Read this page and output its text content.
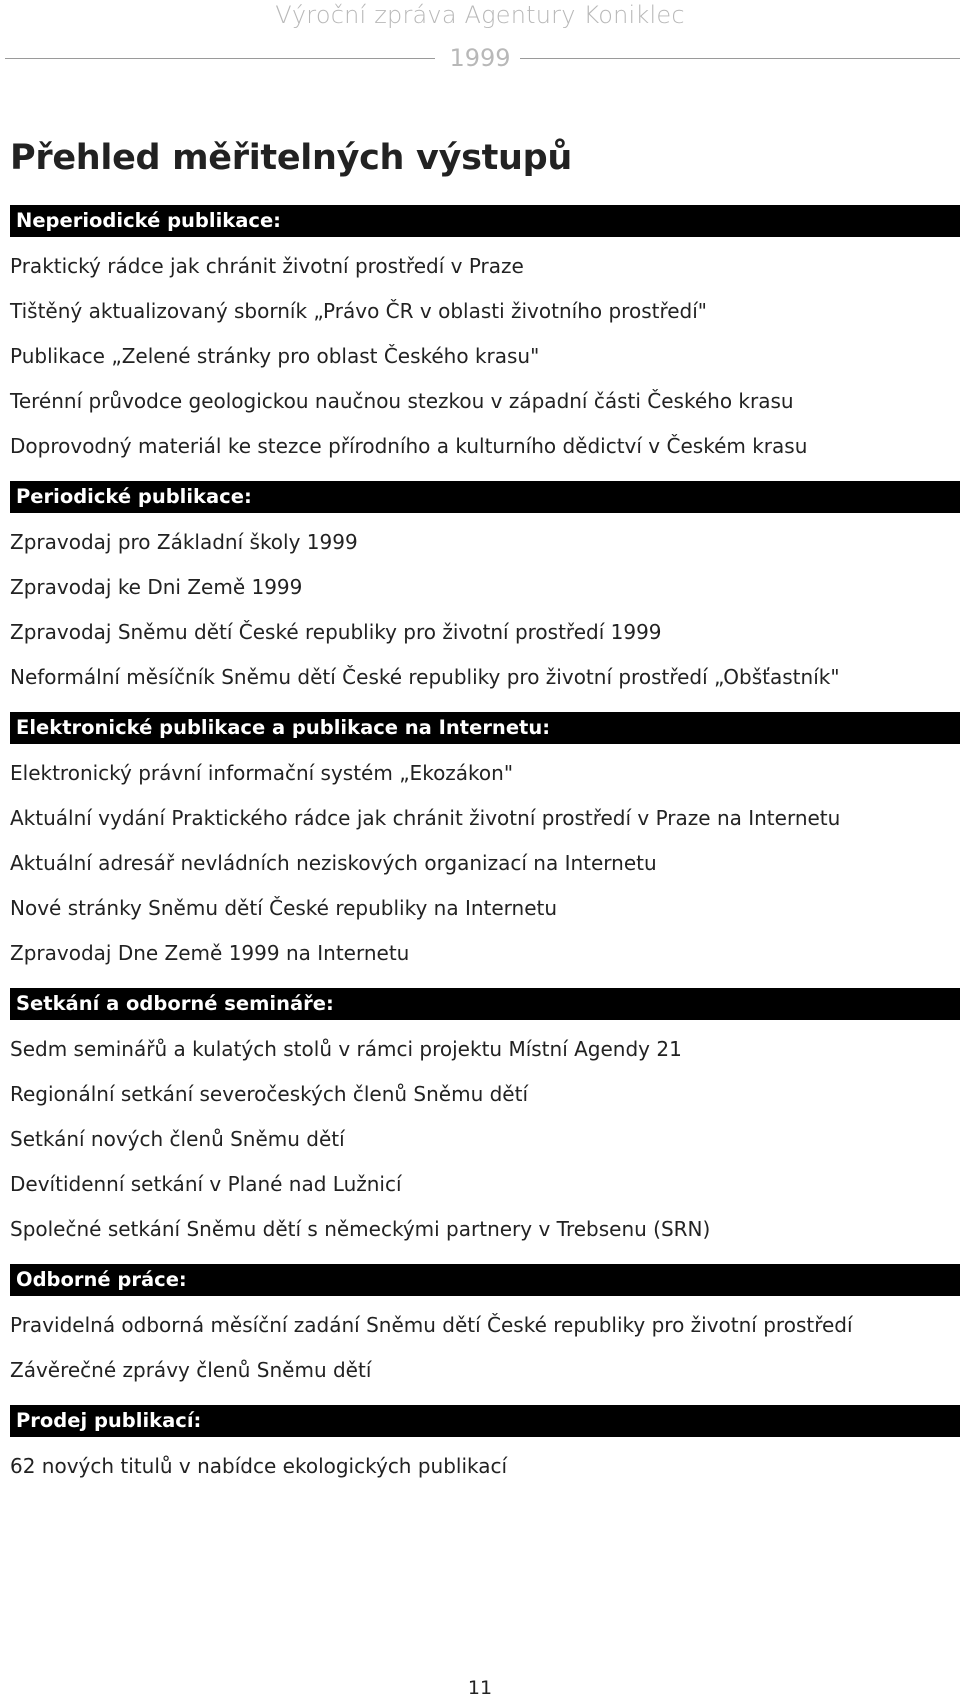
Výroční zpráva Agentury Koniklec
1999
Přehled měřitelných výstupů
Neperiodické publikace:
Praktický rádce jak chránit životní prostředí v Praze
Tištěný aktualizovaný sborník „Právo ČR v oblasti životního prostředí"
Publikace „Zelené stránky pro oblast Českého krasu"
Terénní průvodce geologickou naučnou stezkou v západní části Českého krasu
Doprovodný materiál ke stezce přírodního a kulturního dědictví v Českém krasu
Periodické publikace:
Zpravodaj pro Základní školy 1999
Zpravodaj ke Dni Země 1999
Zpravodaj Sněmu dětí České republiky pro životní prostředí 1999
Neformální měsíčník Sněmu dětí České republiky pro životní prostředí „Obšťastník"
Elektronické publikace a publikace na Internetu:
Elektronický právní informační systém „Ekozákon"
Aktuální vydání Praktického rádce jak chránit životní prostředí v Praze na Internetu
Aktuální adresář nevládních neziskových organizací na Internetu
Nové stránky Sněmu dětí České republiky na Internetu
Zpravodaj Dne Země 1999 na Internetu
Setkání a odborné semináře:
Sedm seminářů a kulatých stolů v rámci projektu Místní Agendy 21
Regionální setkání severočeských členů Sněmu dětí
Setkání nových členů Sněmu dětí
Devítidenní setkání v Plané nad Lužnicí
Společné setkání Sněmu dětí s německými partnery v Trebsenu (SRN)
Odborné práce:
Pravidelná odborná měsíční zadání Sněmu dětí České republiky pro životní prostředí
Závěrečné zprávy členů Sněmu dětí
Prodej publikací:
62 nových titulů v nabídce ekologických publikací
11
